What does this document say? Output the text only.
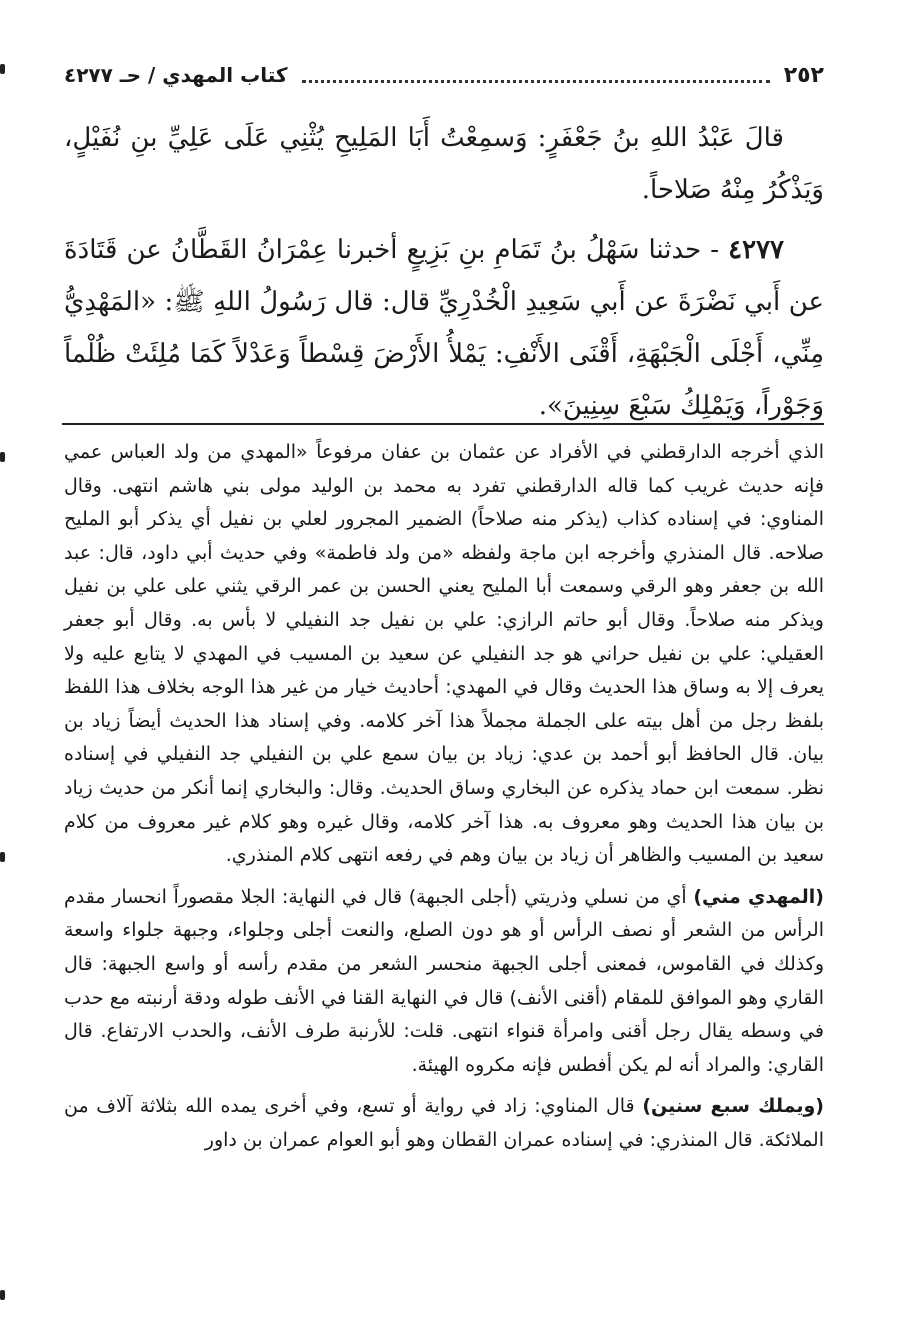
٢٥٢
كتاب المهدي / حـ ٤٢٧٧

قالَ عَبْدُ اللهِ بنُ جَعْفَرٍ: وَسمِعْتُ أَبَا المَلِيحِ يُثْنِي عَلَى عَلِيِّ بنِ نُفَيْلٍ، وَيَذْكُرُ مِنْهُ صَلاحاً.

٤٢٧٧ - حدثنا سَهْلُ بنُ تَمَامِ بنِ بَزِيعٍ أخبرنا عِمْرَانُ القَطَّانُ عن قَتَادَةَ عن أَبي نَضْرَةَ عن أَبي سَعِيدِ الْخُدْرِيِّ قال: قال رَسُولُ اللهِ ﷺ: «المَهْدِيُّ مِنِّي، أَجْلَى الْجَبْهَةِ، أَقْنَى الأَنْفِ: يَمْلأُ الأَرْضَ قِسْطاً وَعَدْلاً كَمَا مُلِئَتْ ظُلْماً وَجَوْراً، وَيَمْلِكُ سَبْعَ سِنِينَ».

الذي أخرجه الدارقطني في الأفراد عن عثمان بن عفان مرفوعاً «المهدي من ولد العباس عمي فإنه حديث غريب كما قاله الدارقطني تفرد به محمد بن الوليد مولى بني هاشم انتهى. وقال المناوي: في إسناده كذاب (يذكر منه صلاحاً) الضمير المجرور لعلي بن نفيل أي يذكر أبو المليح صلاحه. قال المنذري وأخرجه ابن ماجة ولفظه «من ولد فاطمة» وفي حديث أبي داود، قال: عبد الله بن جعفر وهو الرقي وسمعت أبا المليح يعني الحسن بن عمر الرقي يثني على علي بن نفيل ويذكر منه صلاحاً. وقال أبو حاتم الرازي: علي بن نفيل جد النفيلي لا بأس به. وقال أبو جعفر العقيلي: علي بن نفيل حراني هو جد النفيلي عن سعيد بن المسيب في المهدي لا يتابع عليه ولا يعرف إلا به وساق هذا الحديث وقال في المهدي: أحاديث خيار من غير هذا الوجه بخلاف هذا اللفظ بلفظ رجل من أهل بيته على الجملة مجملاً هذا آخر كلامه. وفي إسناد هذا الحديث أيضاً زياد بن بيان. قال الحافظ أبو أحمد بن عدي: زياد بن بيان سمع علي بن النفيلي جد النفيلي في إسناده نظر. سمعت ابن حماد يذكره عن البخاري وساق الحديث. وقال: والبخاري إنما أنكر من حديث زياد بن بيان هذا الحديث وهو معروف به. هذا آخر كلامه، وقال غيره وهو كلام غير معروف من كلام سعيد بن المسيب والظاهر أن زياد بن بيان وهم في رفعه انتهى كلام المنذري.

(المهدي مني) أي من نسلي وذريتي (أجلى الجبهة) قال في النهاية: الجلا مقصوراً انحسار مقدم الرأس من الشعر أو نصف الرأس أو هو دون الصلع، والنعت أجلى وجلواء، وجبهة جلواء واسعة وكذلك في القاموس، فمعنى أجلى الجبهة منحسر الشعر من مقدم رأسه أو واسع الجبهة: قال القاري وهو الموافق للمقام (أقنى الأنف) قال في النهاية القنا في الأنف طوله ودقة أرنبته مع حدب في وسطه يقال رجل أقنى وامرأة قنواء انتهى. قلت: للأرنبة طرف الأنف، والحدب الارتفاع. قال القاري: والمراد أنه لم يكن أفطس فإنه مكروه الهيئة.

(ويملك سبع سنين) قال المناوي: زاد في رواية أو تسع، وفي أخرى يمده الله بثلاثة آلاف من الملائكة. قال المنذري: في إسناده عمران القطان وهو أبو العوام عمران بن داور
